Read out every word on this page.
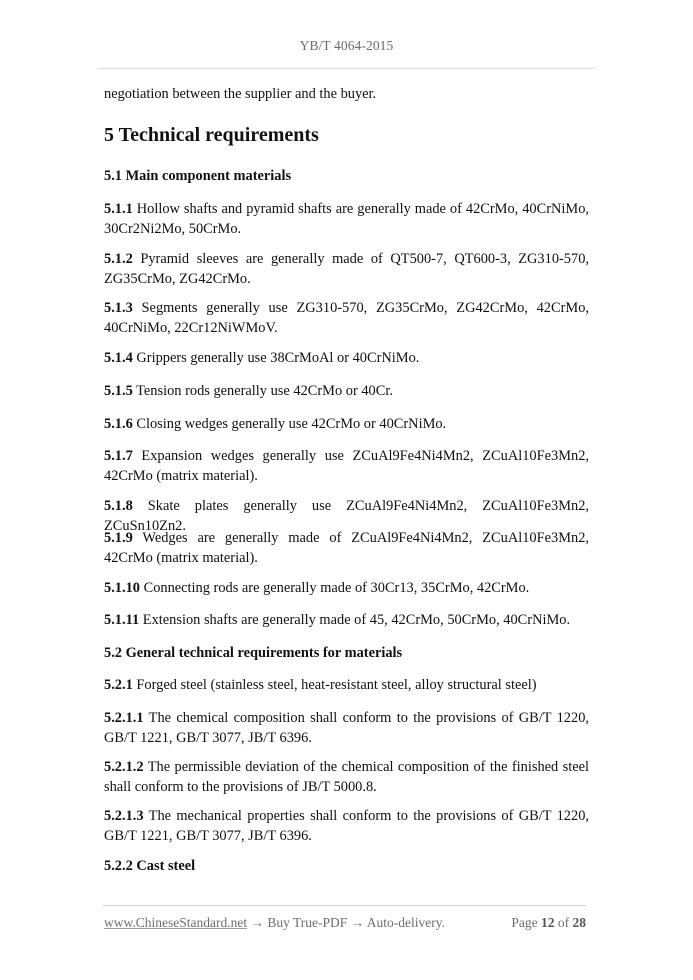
YB/T 4064-2015
negotiation between the supplier and the buyer.
5 Technical requirements
5.1 Main component materials
5.1.1 Hollow shafts and pyramid shafts are generally made of 42CrMo, 40CrNiMo, 30Cr2Ni2Mo, 50CrMo.
5.1.2 Pyramid sleeves are generally made of QT500-7, QT600-3, ZG310-570, ZG35CrMo, ZG42CrMo.
5.1.3 Segments generally use ZG310-570, ZG35CrMo, ZG42CrMo, 42CrMo, 40CrNiMo, 22Cr12NiWMoV.
5.1.4 Grippers generally use 38CrMoAl or 40CrNiMo.
5.1.5 Tension rods generally use 42CrMo or 40Cr.
5.1.6 Closing wedges generally use 42CrMo or 40CrNiMo.
5.1.7 Expansion wedges generally use ZCuAl9Fe4Ni4Mn2, ZCuAl10Fe3Mn2, 42CrMo (matrix material).
5.1.8 Skate plates generally use ZCuAl9Fe4Ni4Mn2, ZCuAl10Fe3Mn2, ZCuSn10Zn2.
5.1.9 Wedges are generally made of ZCuAl9Fe4Ni4Mn2, ZCuAl10Fe3Mn2, 42CrMo (matrix material).
5.1.10 Connecting rods are generally made of 30Cr13, 35CrMo, 42CrMo.
5.1.11 Extension shafts are generally made of 45, 42CrMo, 50CrMo, 40CrNiMo.
5.2 General technical requirements for materials
5.2.1 Forged steel (stainless steel, heat-resistant steel, alloy structural steel)
5.2.1.1 The chemical composition shall conform to the provisions of GB/T 1220, GB/T 1221, GB/T 3077, JB/T 6396.
5.2.1.2 The permissible deviation of the chemical composition of the finished steel shall conform to the provisions of JB/T 5000.8.
5.2.1.3 The mechanical properties shall conform to the provisions of GB/T 1220, GB/T 1221, GB/T 3077, JB/T 6396.
5.2.2 Cast steel
www.ChineseStandard.net → Buy True-PDF → Auto-delivery.	Page 12 of 28
